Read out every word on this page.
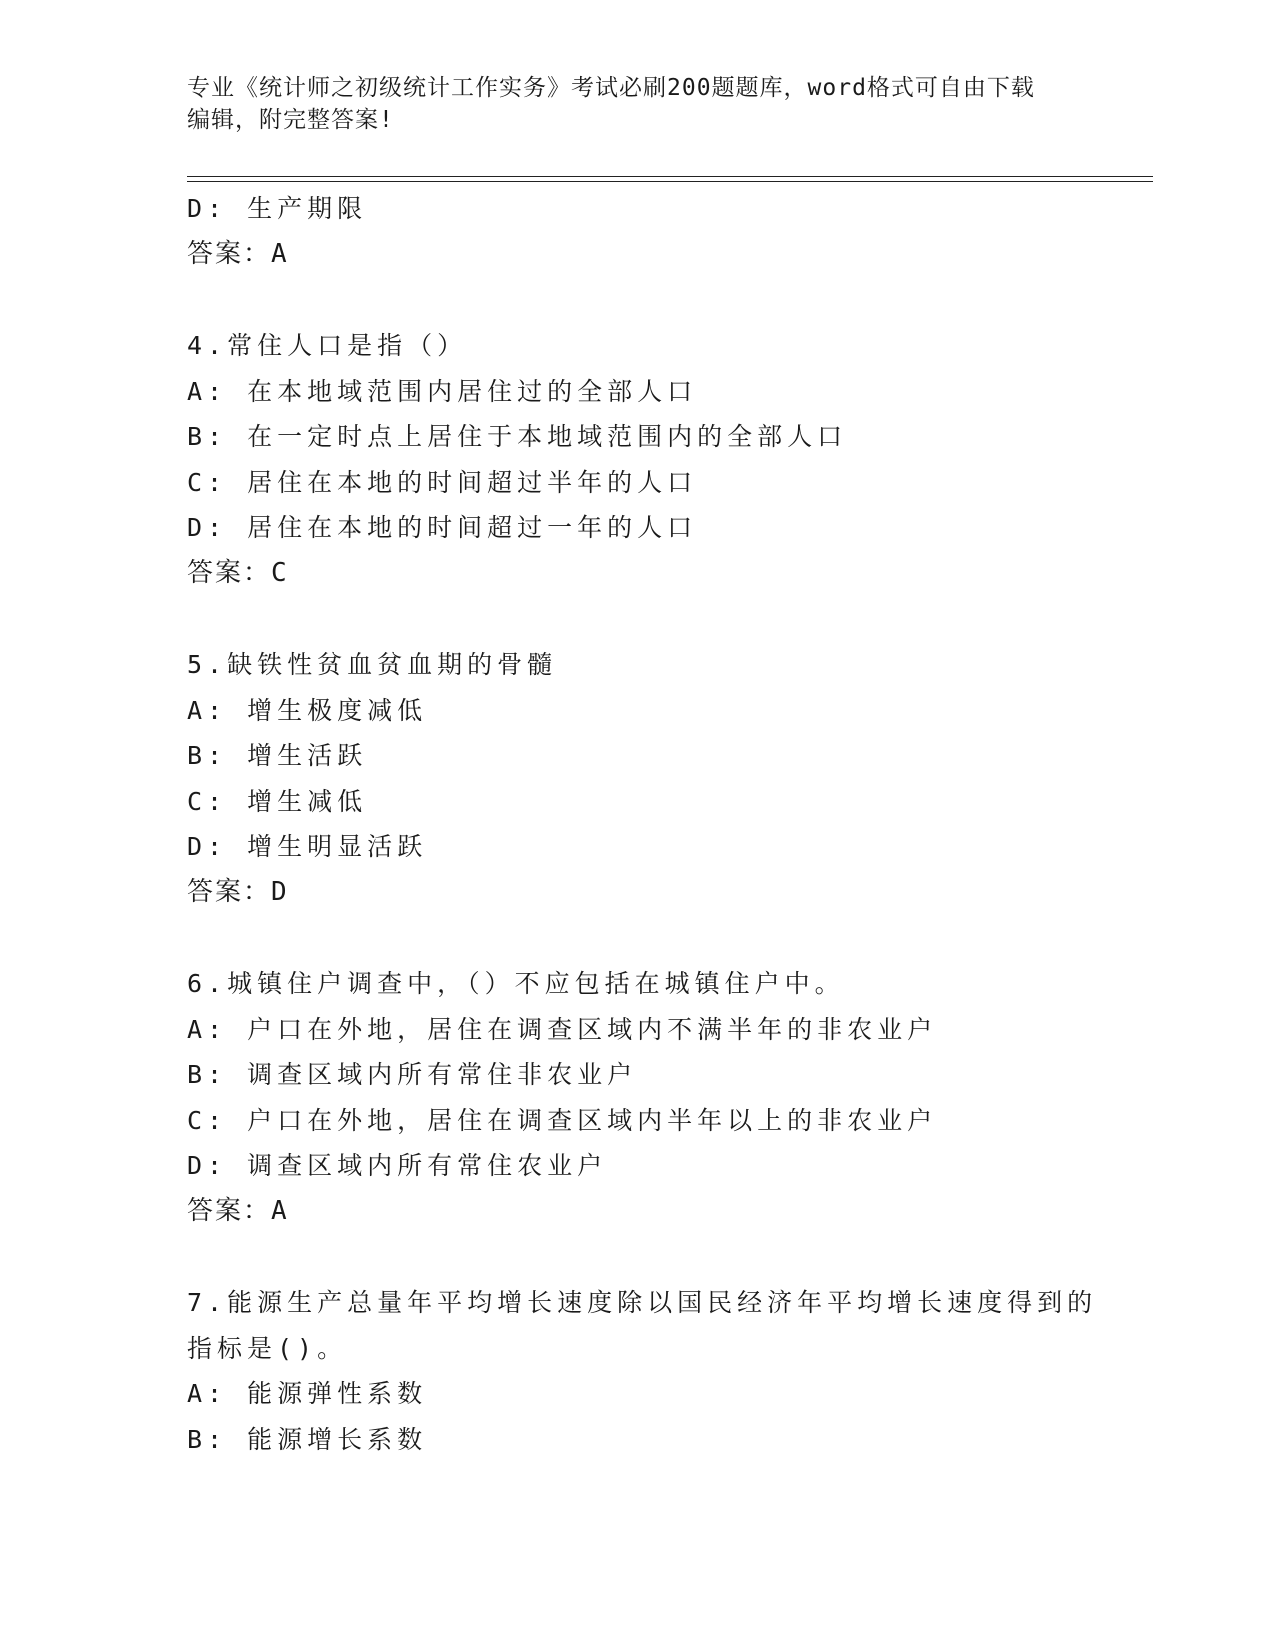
专业《统计师之初级统计工作实务》考试必刷200题题库，word格式可自由下载
编辑，附完整答案!
D: 生产期限
答案：A
4.常住人口是指（）
A: 在本地域范围内居住过的全部人口
B: 在一定时点上居住于本地域范围内的全部人口
C: 居住在本地的时间超过半年的人口
D: 居住在本地的时间超过一年的人口
答案：C
5.缺铁性贫血贫血期的骨髓
A: 增生极度减低
B: 增生活跃
C: 增生减低
D: 增生明显活跃
答案：D
6.城镇住户调查中，（）不应包括在城镇住户中。
A: 户口在外地，居住在调查区域内不满半年的非农业户
B: 调查区域内所有常住非农业户
C: 户口在外地，居住在调查区域内半年以上的非农业户
D: 调查区域内所有常住农业户
答案：A
7.能源生产总量年平均增长速度除以国民经济年平均增长速度得到的
指标是()。
A: 能源弹性系数
B: 能源增长系数
